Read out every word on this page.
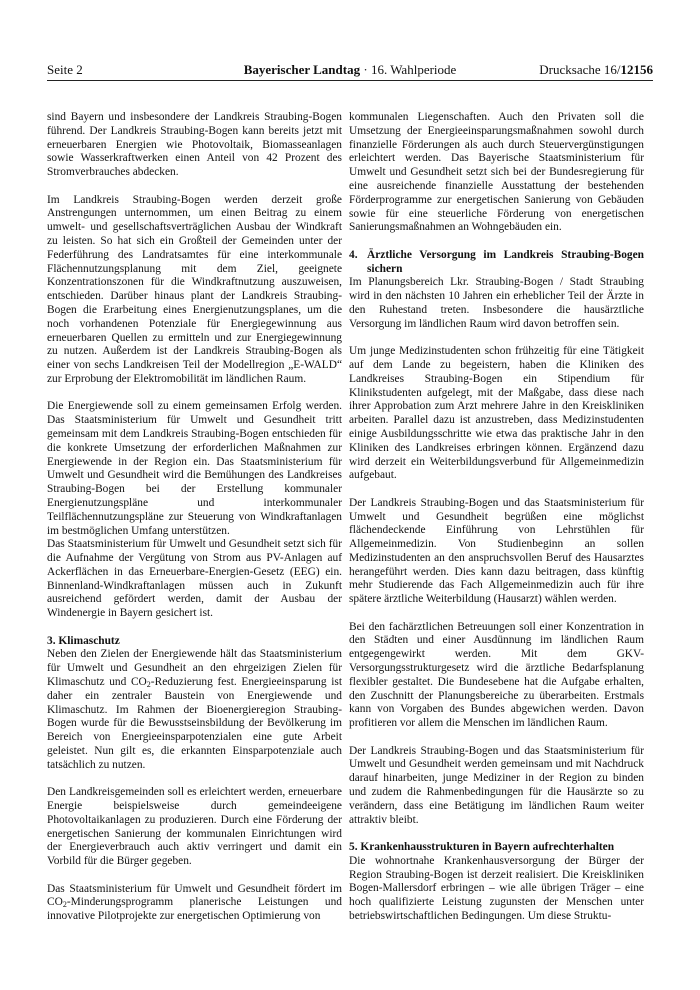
Seite 2	Bayerischer Landtag · 16. Wahlperiode	Drucksache 16/12156

sind Bayern und insbesondere der Landkreis Straubing-Bogen führend. Der Landkreis Straubing-Bogen kann bereits jetzt mit erneuerbaren Energien wie Photovoltaik, Biomasseanlagen sowie Wasserkraftwerken einen Anteil von 42 Prozent des Stromverbrauches abdecken.

Im Landkreis Straubing-Bogen werden derzeit große Anstrengungen unternommen, um einen Beitrag zu einem umwelt- und gesellschaftsverträglichen Ausbau der Windkraft zu leisten. So hat sich ein Großteil der Gemeinden unter der Federführung des Landratsamtes für eine interkommunale Flächennutzungsplanung mit dem Ziel, geeignete Konzentrationszonen für die Windkraftnutzung auszuweisen, entschieden. Darüber hinaus plant der Landkreis Straubing-Bogen die Erarbeitung eines Energienutzungsplanes, um die noch vorhandenen Potenziale für Energiegewinnung aus erneuerbaren Quellen zu ermitteln und zur Energiegewinnung zu nutzen. Außerdem ist der Landkreis Straubing-Bogen als einer von sechs Landkreisen Teil der Modellregion „E-WALD“ zur Erprobung der Elektromobilität im ländlichen Raum.

Die Energiewende soll zu einem gemeinsamen Erfolg werden. Das Staatsministerium für Umwelt und Gesundheit tritt gemeinsam mit dem Landkreis Straubing-Bogen entschieden für die konkrete Umsetzung der erforderlichen Maßnahmen zur Energiewende in der Region ein. Das Staatsministerium für Umwelt und Gesundheit wird die Bemühungen des Landkreises Straubing-Bogen bei der Erstellung kommunaler Energienutzungspläne und interkommunaler Teilflächennutzungspläne zur Steuerung von Windkraftanlagen im bestmöglichen Umfang unterstützen.

Das Staatsministerium für Umwelt und Gesundheit setzt sich für die Aufnahme der Vergütung von Strom aus PV-Anlagen auf Ackerflächen in das Erneuerbare-Energien-Gesetz (EEG) ein. Binnenland-Windkraftanlagen müssen auch in Zukunft ausreichend gefördert werden, damit der Ausbau der Windenergie in Bayern gesichert ist.

3. Klimaschutz

Neben den Zielen der Energiewende hält das Staatsministerium für Umwelt und Gesundheit an den ehrgeizigen Zielen für Klimaschutz und $CO_2$-Reduzierung fest. Energieeinsparung ist daher ein zentraler Baustein von Energiewende und Klimaschutz. Im Rahmen der Bioenergieregion Straubing-Bogen wurde für die Bewusstseinsbildung der Bevölkerung im Bereich von Energieeinsparpotenzialen eine gute Arbeit geleistet. Nun gilt es, die erkannten Einsparpotenziale auch tatsächlich zu nutzen.

Den Landkreisgemeinden soll es erleichtert werden, erneuerbare Energie beispielsweise durch gemeindeeigene Photovoltaikanlagen zu produzieren. Durch eine Förderung der energetischen Sanierung der kommunalen Einrichtungen wird der Energieverbrauch auch aktiv verringert und damit ein Vorbild für die Bürger gegeben.

Das Staatsministerium für Umwelt und Gesundheit fördert im $CO_2$-Minderungsprogramm planerische Leistungen und innovative Pilotprojekte zur energetischen Optimierung von

kommunalen Liegenschaften. Auch den Privaten soll die Umsetzung der Energieeinsparungsmaßnahmen sowohl durch finanzielle Förderungen als auch durch Steuervergünstigungen erleichtert werden. Das Bayerische Staatsministerium für Umwelt und Gesundheit setzt sich bei der Bundesregierung für eine ausreichende finanzielle Ausstattung der bestehenden Förderprogramme zur energetischen Sanierung von Gebäuden sowie für eine steuerliche Förderung von energetischen Sanierungsmaßnahmen an Wohngebäuden ein.

4. Ärztliche Versorgung im Landkreis Straubing-Bogen sichern

Im Planungsbereich Lkr. Straubing-Bogen / Stadt Straubing wird in den nächsten 10 Jahren ein erheblicher Teil der Ärzte in den Ruhestand treten. Insbesondere die hausärztliche Versorgung im ländlichen Raum wird davon betroffen sein.

Um junge Medizinstudenten schon frühzeitig für eine Tätigkeit auf dem Lande zu begeistern, haben die Kliniken des Landkreises Straubing-Bogen ein Stipendium für Klinikstudenten aufgelegt, mit der Maßgabe, dass diese nach ihrer Approbation zum Arzt mehrere Jahre in den Kreiskliniken arbeiten. Parallel dazu ist anzustreben, dass Medizinstudenten einige Ausbildungsschritte wie etwa das praktische Jahr in den Kliniken des Landkreises erbringen können. Ergänzend dazu wird derzeit ein Weiterbildungsverbund für Allgemeinmedizin aufgebaut.

Der Landkreis Straubing-Bogen und das Staatsministerium für Umwelt und Gesundheit begrüßen eine möglichst flächendeckende Einführung von Lehrstühlen für Allgemeinmedizin. Von Studienbeginn an sollen Medizinstudenten an den anspruchsvollen Beruf des Hausarztes herangeführt werden. Dies kann dazu beitragen, dass künftig mehr Studierende das Fach Allgemeinmedizin auch für ihre spätere ärztliche Weiterbildung (Hausarzt) wählen werden.

Bei den fachärztlichen Betreuungen soll einer Konzentration in den Städten und einer Ausdünnung im ländlichen Raum entgegengewirkt werden. Mit dem GKV-Versorgungsstrukturgesetz wird die ärztliche Bedarfsplanung flexibler gestaltet. Die Bundesebene hat die Aufgabe erhalten, den Zuschnitt der Planungsbereiche zu überarbeiten. Erstmals kann von Vorgaben des Bundes abgewichen werden. Davon profitieren vor allem die Menschen im ländlichen Raum.

Der Landkreis Straubing-Bogen und das Staatsministerium für Umwelt und Gesundheit werden gemeinsam und mit Nachdruck darauf hinarbeiten, junge Mediziner in der Region zu binden und zudem die Rahmenbedingungen für die Hausärzte so zu verändern, dass eine Betätigung im ländlichen Raum weiter attraktiv bleibt.

5. Krankenhausstrukturen in Bayern aufrechterhalten

Die wohnortnahe Krankenhausversorgung der Bürger der Region Straubing-Bogen ist derzeit realisiert. Die Kreiskliniken Bogen-Mallersdorf erbringen – wie alle übrigen Träger – eine hoch qualifizierte Leistung zugunsten der Menschen unter betriebswirtschaftlichen Bedingungen. Um diese Struktu-
